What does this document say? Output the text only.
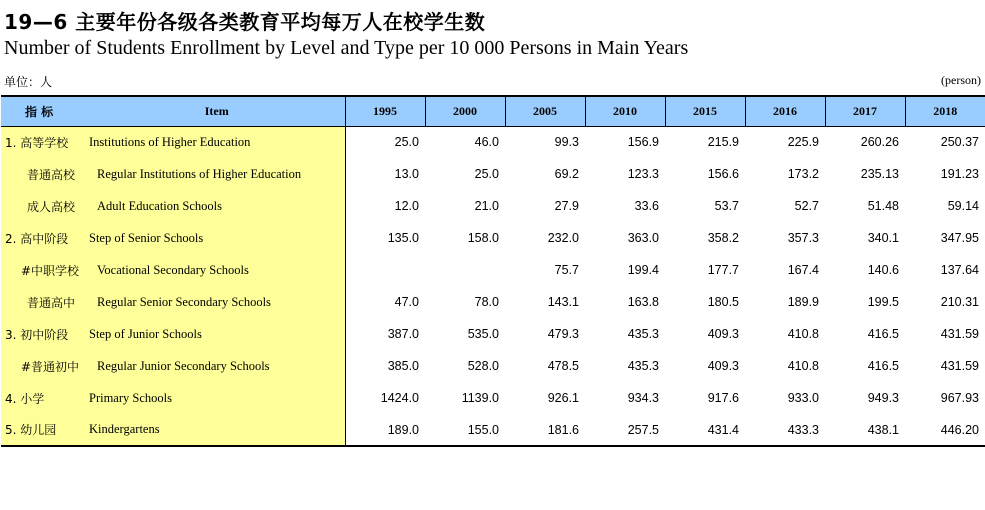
19—6 主要年份各级各类教育平均每万人在校学生数
Number of Students Enrollment by Level and Type per 10 000 Persons in Main Years
单位：人	(person)
指 标	Item	1995	2000	2005	2010	2015	2016	2017	2018
1. 高等学校	Institutions of Higher Education	25.0	46.0	99.3	156.9	215.9	225.9	260.26	250.37
普通高校	Regular Institutions of Higher Education	13.0	25.0	69.2	123.3	156.6	173.2	235.13	191.23
成人高校	Adult Education Schools	12.0	21.0	27.9	33.6	53.7	52.7	51.48	59.14
2. 高中阶段	Step of Senior Schools	135.0	158.0	232.0	363.0	358.2	357.3	340.1	347.95
#中职学校	Vocational Secondary Schools			75.7	199.4	177.7	167.4	140.6	137.64
普通高中	Regular Senior Secondary Schools	47.0	78.0	143.1	163.8	180.5	189.9	199.5	210.31
3. 初中阶段	Step of Junior Schools	387.0	535.0	479.3	435.3	409.3	410.8	416.5	431.59
#普通初中	Regular Junior Secondary Schools	385.0	528.0	478.5	435.3	409.3	410.8	416.5	431.59
4. 小学	Primary Schools	1424.0	1139.0	926.1	934.3	917.6	933.0	949.3	967.93
5. 幼儿园	Kindergartens	189.0	155.0	181.6	257.5	431.4	433.3	438.1	446.20
